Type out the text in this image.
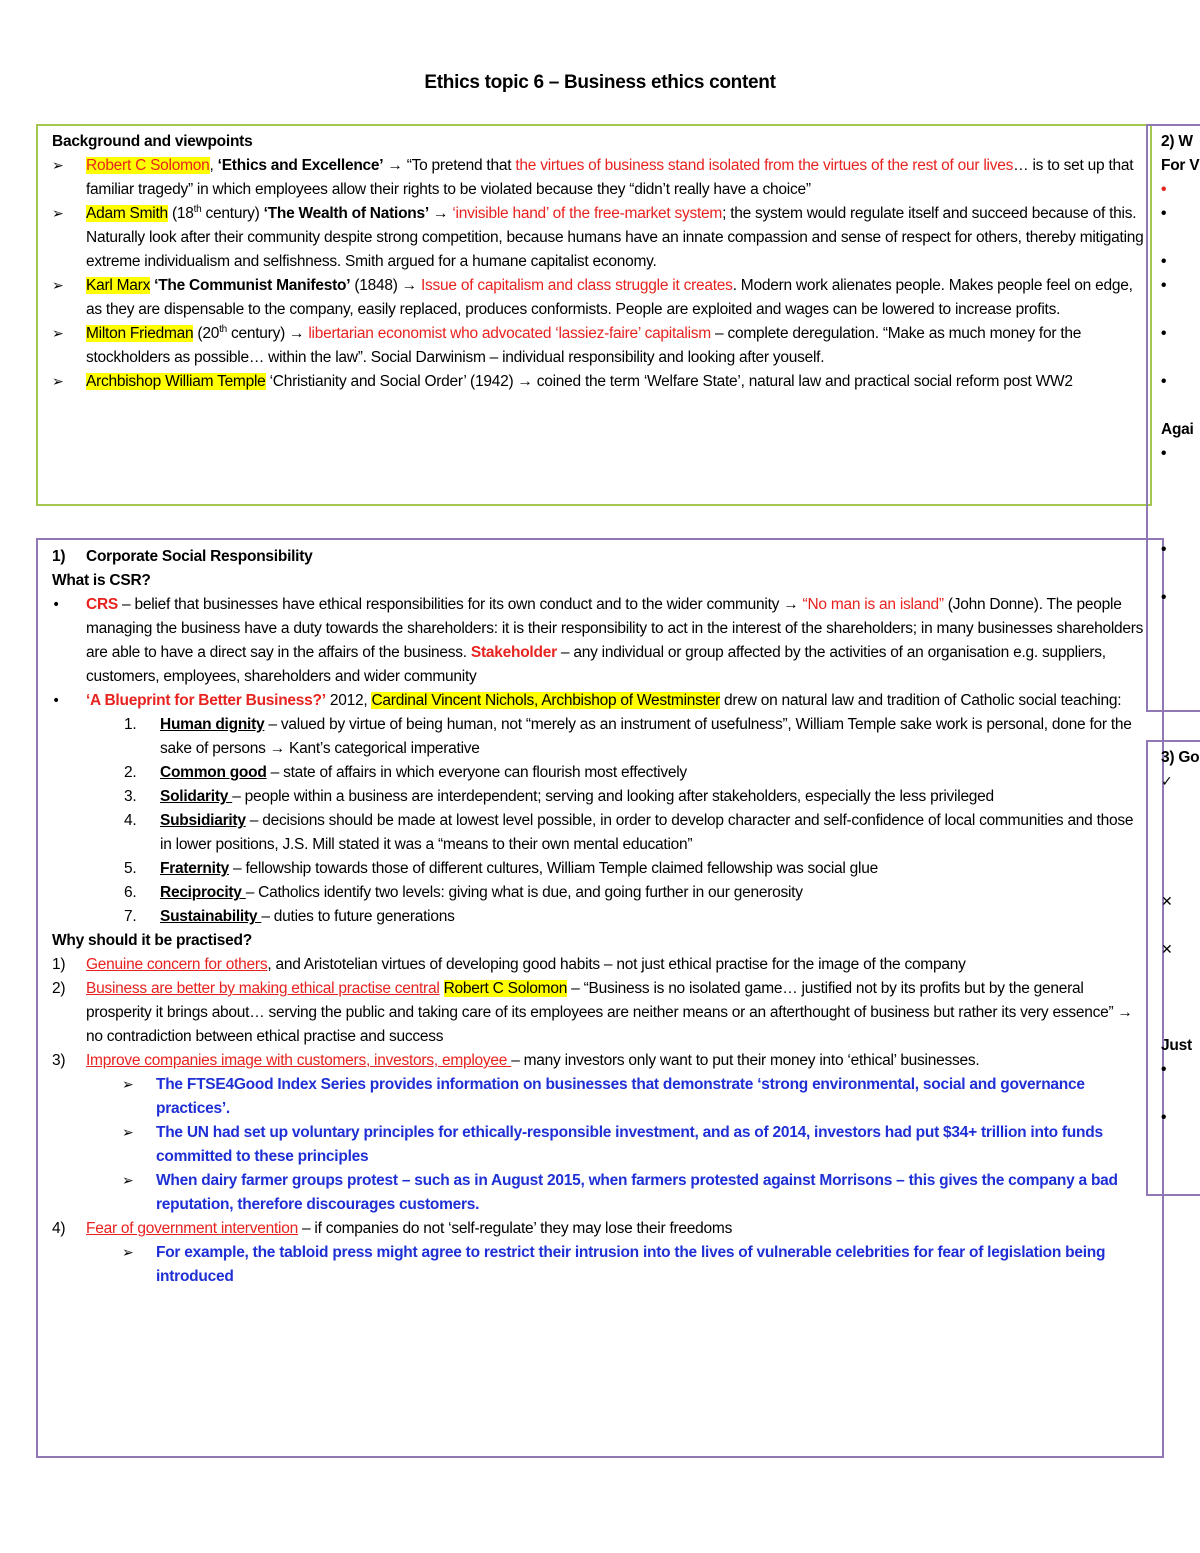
Ethics topic 6 – Business ethics content
Background and viewpoints
➢ Robert C Solomon, ‘Ethics and Excellence’ → “To pretend that the virtues of business stand isolated from the virtues of the rest of our lives… is to set up that familiar tragedy” in which employees allow their rights to be violated because they “didn’t really have a choice”
➢ Adam Smith (18th century) ‘The Wealth of Nations’ → ‘invisible hand’ of the free-market system; the system would regulate itself and succeed because of this. Naturally look after their community despite strong competition, because humans have an innate compassion and sense of respect for others, thereby mitigating extreme individualism and selfishness. Smith argued for a humane capitalist economy.
➢ Karl Marx ‘The Communist Manifesto’ (1848) → Issue of capitalism and class struggle it creates. Modern work alienates people. Makes people feel on edge, as they are dispensable to the company, easily replaced, produces conformists. People are exploited and wages can be lowered to increase profits.
➢ Milton Friedman (20th century) → libertarian economist who advocated ‘lassiez-faire’ capitalism – complete deregulation. “Make as much money for the stockholders as possible… within the law”. Social Darwinism – individual responsibility and looking after youself.
➢ Archbishop William Temple ‘Christianity and Social Order’ (1942) → coined the term ‘Welfare State’, natural law and practical social reform post WW2
1) Corporate Social Responsibility
What is CSR?
• CRS – belief that businesses have ethical responsibilities for its own conduct and to the wider community → “No man is an island” (John Donne). The people managing the business have a duty towards the shareholders: it is their responsibility to act in the interest of the shareholders; in many businesses shareholders are able to have a direct say in the affairs of the business. Stakeholder – any individual or group affected by the activities of an organisation e.g. suppliers, customers, employees, shareholders and wider community
• ‘A Blueprint for Better Business?’ 2012, Cardinal Vincent Nichols, Archbishop of Westminster drew on natural law and tradition of Catholic social teaching:
1. Human dignity – valued by virtue of being human, not “merely as an instrument of usefulness”, William Temple sake work is personal, done for the sake of persons → Kant’s categorical imperative
2. Common good – state of affairs in which everyone can flourish most effectively
3. Solidarity – people within a business are interdependent; serving and looking after stakeholders, especially the less privileged
4. Subsidiarity – decisions should be made at lowest level possible, in order to develop character and self-confidence of local communities and those in lower positions, J.S. Mill stated it was a “means to their own mental education”
5. Fraternity – fellowship towards those of different cultures, William Temple claimed fellowship was social glue
6. Reciprocity – Catholics identify two levels: giving what is due, and going further in our generosity
7. Sustainability – duties to future generations
Why should it be practised?
1) Genuine concern for others, and Aristotelian virtues of developing good habits – not just ethical practise for the image of the company
2) Business are better by making ethical practise central Robert C Solomon – “Business is no isolated game… justified not by its profits but by the general prosperity it brings about… serving the public and taking care of its employees are neither means or an afterthought of business but rather its very essence” → no contradiction between ethical practise and success
3) Improve companies image with customers, investors, employee – many investors only want to put their money into ‘ethical’ businesses.
➢ The FTSE4Good Index Series provides information on businesses that demonstrate ‘strong environmental, social and governance practices’.
➢ The UN had set up voluntary principles for ethically-responsible investment, and as of 2014, investors had put $34+ trillion into funds committed to these principles
➢ When dairy farmer groups protest – such as in August 2015, when farmers protested against Morrisons – this gives the company a bad reputation, therefore discourages customers.
4) Fear of government intervention – if companies do not ‘self-regulate’ they may lose their freedoms
➢ For example, the tabloid press might agree to restrict their intrusion into the lives of vulnerable celebrities for fear of legislation being introduced
2) W
For V
•
•

•
•

•

•

Agai
•

•

•
3) Go
✓

✕

✕

Just
•

•
